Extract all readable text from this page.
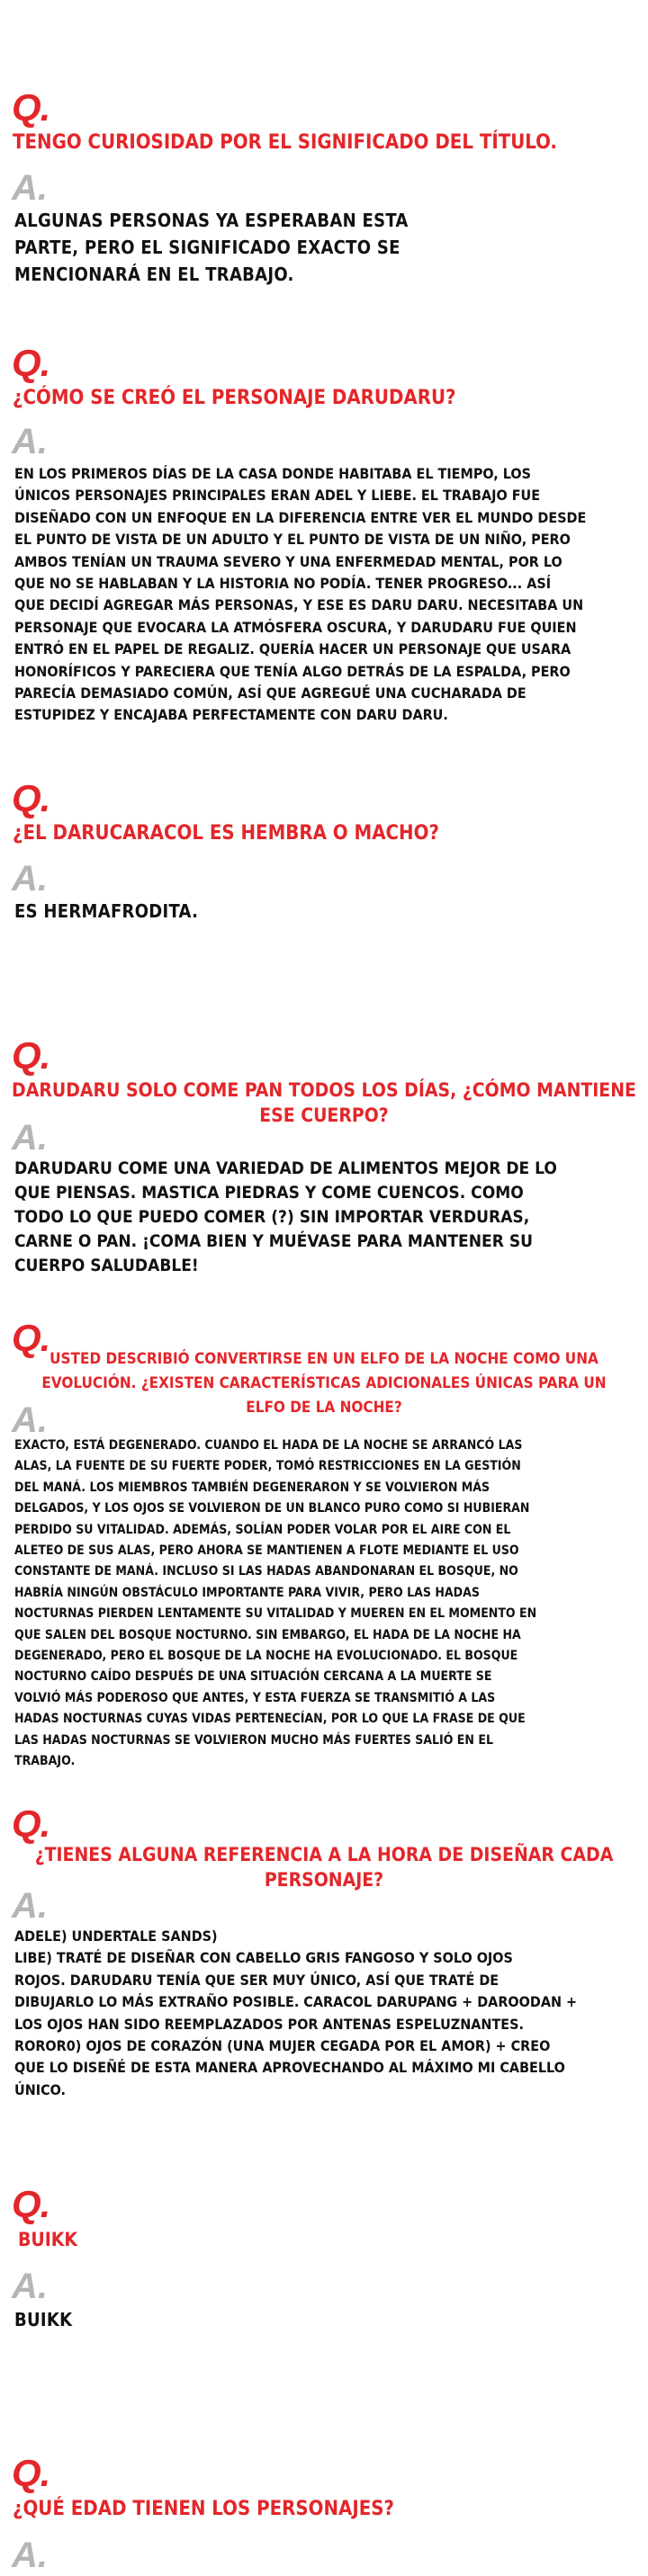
Q.

TENGO CURIOSIDAD POR EL SIGNIFICADO DEL TÍTULO.

A.

ALGUNAS PERSONAS YA ESPERABAN ESTA
PARTE, PERO EL SIGNIFICADO EXACTO SE
MENCIONARÁ EN EL TRABAJO.

Q.

¿CÓMO SE CREÓ EL PERSONAJE DARUDARU?

A.

EN LOS PRIMEROS DÍAS DE LA CASA DONDE HABITABA EL TIEMPO, LOS
ÚNICOS PERSONAJES PRINCIPALES ERAN ADEL Y LIEBE. EL TRABAJO FUE
DISEÑADO CON UN ENFOQUE EN LA DIFERENCIA ENTRE VER EL MUNDO DESDE
EL PUNTO DE VISTA DE UN ADULTO Y EL PUNTO DE VISTA DE UN NIÑO, PERO
AMBOS TENÍAN UN TRAUMA SEVERO Y UNA ENFERMEDAD MENTAL, POR LO
QUE NO SE HABLABAN Y LA HISTORIA NO PODÍA. TENER PROGRESO... ASÍ
QUE DECIDÍ AGREGAR MÁS PERSONAS, Y ESE ES DARU DARU. NECESITABA UN
PERSONAJE QUE EVOCARA LA ATMÓSFERA OSCURA, Y DARUDARU FUE QUIEN
ENTRÓ EN EL PAPEL DE REGALIZ. QUERÍA HACER UN PERSONAJE QUE USARA
HONORÍFICOS Y PARECIERA QUE TENÍA ALGO DETRÁS DE LA ESPALDA, PERO
PARECÍA DEMASIADO COMÚN, ASÍ QUE AGREGUÉ UNA CUCHARADA DE
ESTUPIDEZ Y ENCAJABA PERFECTAMENTE CON DARU DARU.

Q.

¿EL DARUCARACOL ES HEMBRA O MACHO?

A.

ES HERMAFRODITA.

Q.

DARUDARU SOLO COME PAN TODOS LOS DÍAS, ¿CÓMO MANTIENE
ESE CUERPO?

A.

DARUDARU COME UNA VARIEDAD DE ALIMENTOS MEJOR DE LO
QUE PIENSAS. MASTICA PIEDRAS Y COME CUENCOS. COMO
TODO LO QUE PUEDO COMER (?) SIN IMPORTAR VERDURAS,
CARNE O PAN. ¡COMA BIEN Y MUÉVASE PARA MANTENER SU
CUERPO SALUDABLE!

Q. USTED DESCRIBIÓ CONVERTIRSE EN UN ELFO DE LA NOCHE COMO UNA
EVOLUCIÓN. ¿EXISTEN CARACTERÍSTICAS ADICIONALES ÚNICAS PARA UN
ELFO DE LA NOCHE?

A.

EXACTO, ESTÁ DEGENERADO. CUANDO EL HADA DE LA NOCHE SE ARRANCÓ LAS
ALAS, LA FUENTE DE SU FUERTE PODER, TOMÓ RESTRICCIONES EN LA GESTIÓN
DEL MANÁ. LOS MIEMBROS TAMBIÉN DEGENERARON Y SE VOLVIERON MÁS
DELGADOS, Y LOS OJOS SE VOLVIERON DE UN BLANCO PURO COMO SI HUBIERAN
PERDIDO SU VITALIDAD. ADEMÁS, SOLÍAN PODER VOLAR POR EL AIRE CON EL
ALETEO DE SUS ALAS, PERO AHORA SE MANTIENEN A FLOTE MEDIANTE EL USO
CONSTANTE DE MANÁ. INCLUSO SI LAS HADAS ABANDONARAN EL BOSQUE, NO
HABRÍA NINGÚN OBSTÁCULO IMPORTANTE PARA VIVIR, PERO LAS HADAS
NOCTURNAS PIERDEN LENTAMENTE SU VITALIDAD Y MUEREN EN EL MOMENTO EN
QUE SALEN DEL BOSQUE NOCTURNO. SIN EMBARGO, EL HADA DE LA NOCHE HA
DEGENERADO, PERO EL BOSQUE DE LA NOCHE HA EVOLUCIONADO. EL BOSQUE
NOCTURNO CAÍDO DESPUÉS DE UNA SITUACIÓN CERCANA A LA MUERTE SE
VOLVIÓ MÁS PODEROSO QUE ANTES, Y ESTA FUERZA SE TRANSMITIÓ A LAS
HADAS NOCTURNAS CUYAS VIDAS PERTENECÍAN, POR LO QUE LA FRASE DE QUE
LAS HADAS NOCTURNAS SE VOLVIERON MUCHO MÁS FUERTES SALIÓ EN EL
TRABAJO.

Q.

¿TIENES ALGUNA REFERENCIA A LA HORA DE DISEÑAR CADA
PERSONAJE?

A.

ADELE) UNDERTALE SANDS)
LIBE) TRATÉ DE DISEÑAR CON CABELLO GRIS FANGOSO Y SOLO OJOS
ROJOS. DARUDARU TENÍA QUE SER MUY ÚNICO, ASÍ QUE TRATÉ DE
DIBUJARLO LO MÁS EXTRAÑO POSIBLE. CARACOL DARUPANG + DAROODAN +
LOS OJOS HAN SIDO REEMPLAZADOS POR ANTENAS ESPELUZNANTES.
ROROR0) OJOS DE CORAZÓN (UNA MUJER CEGADA POR EL AMOR) + CREO
QUE LO DISEÑÉ DE ESTA MANERA APROVECHANDO AL MÁXIMO MI CABELLO
ÚNICO.

Q.

BUIKK

A.

BUIKK

Q.

¿QUÉ EDAD TIENEN LOS PERSONAJES?

A.
